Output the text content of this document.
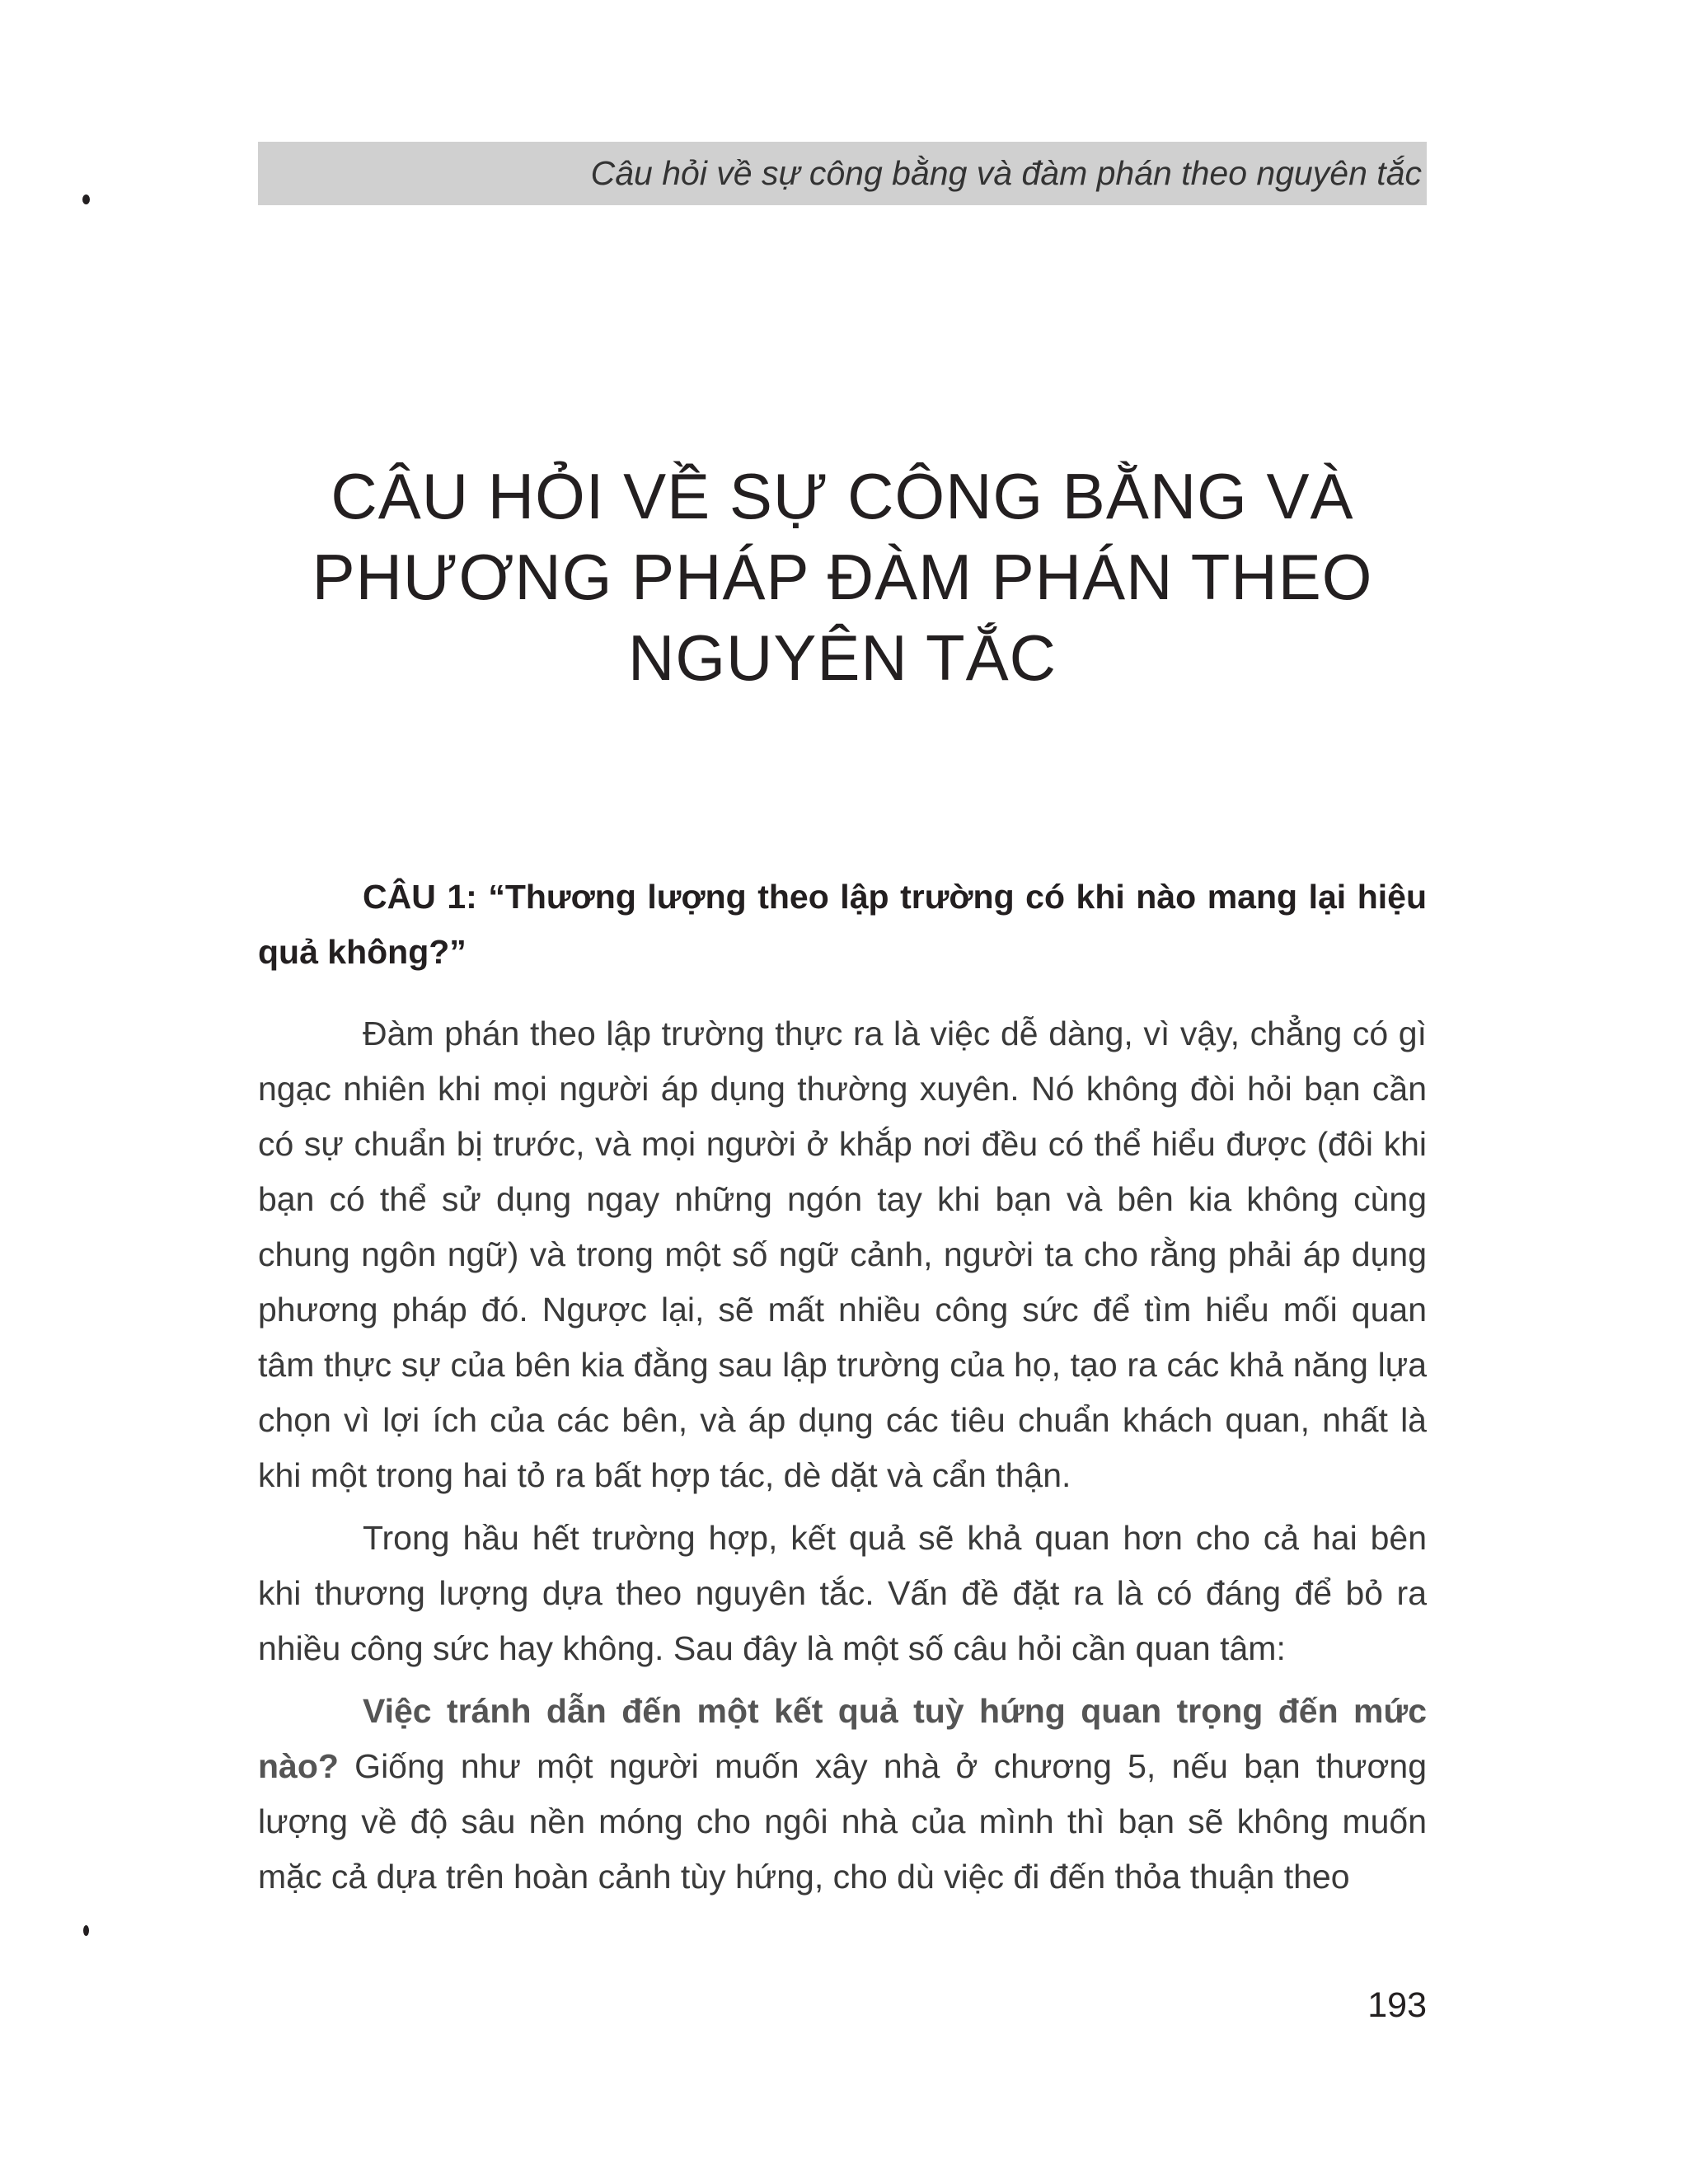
Câu hỏi về sự công bằng và đàm phán theo nguyên tắc
CÂU HỎI VỀ SỰ CÔNG BẰNG VÀ
PHƯƠNG PHÁP ĐÀM PHÁN THEO
NGUYÊN TẮC

CÂU 1: “Thương lượng theo lập trường có khi nào mang lại hiệu quả không?”

Đàm phán theo lập trường thực ra là việc dễ dàng, vì vậy, chẳng có gì ngạc nhiên khi mọi người áp dụng thường xuyên. Nó không đòi hỏi bạn cần có sự chuẩn bị trước, và mọi người ở khắp nơi đều có thể hiểu được (đôi khi bạn có thể sử dụng ngay những ngón tay khi bạn và bên kia không cùng chung ngôn ngữ) và trong một số ngữ cảnh, người ta cho rằng phải áp dụng phương pháp đó. Ngược lại, sẽ mất nhiều công sức để tìm hiểu mối quan tâm thực sự của bên kia đằng sau lập trường của họ, tạo ra các khả năng lựa chọn vì lợi ích của các bên, và áp dụng các tiêu chuẩn khách quan, nhất là khi một trong hai tỏ ra bất hợp tác, dè dặt và cẩn thận.

Trong hầu hết trường hợp, kết quả sẽ khả quan hơn cho cả hai bên khi thương lượng dựa theo nguyên tắc. Vấn đề đặt ra là có đáng để bỏ ra nhiều công sức hay không. Sau đây là một số câu hỏi cần quan tâm:

Việc tránh dẫn đến một kết quả tuỳ hứng quan trọng đến mức nào? Giống như một người muốn xây nhà ở chương 5, nếu bạn thương lượng về độ sâu nền móng cho ngôi nhà của mình thì bạn sẽ không muốn mặc cả dựa trên hoàn cảnh tùy hứng, cho dù việc đi đến thỏa thuận theo

193
